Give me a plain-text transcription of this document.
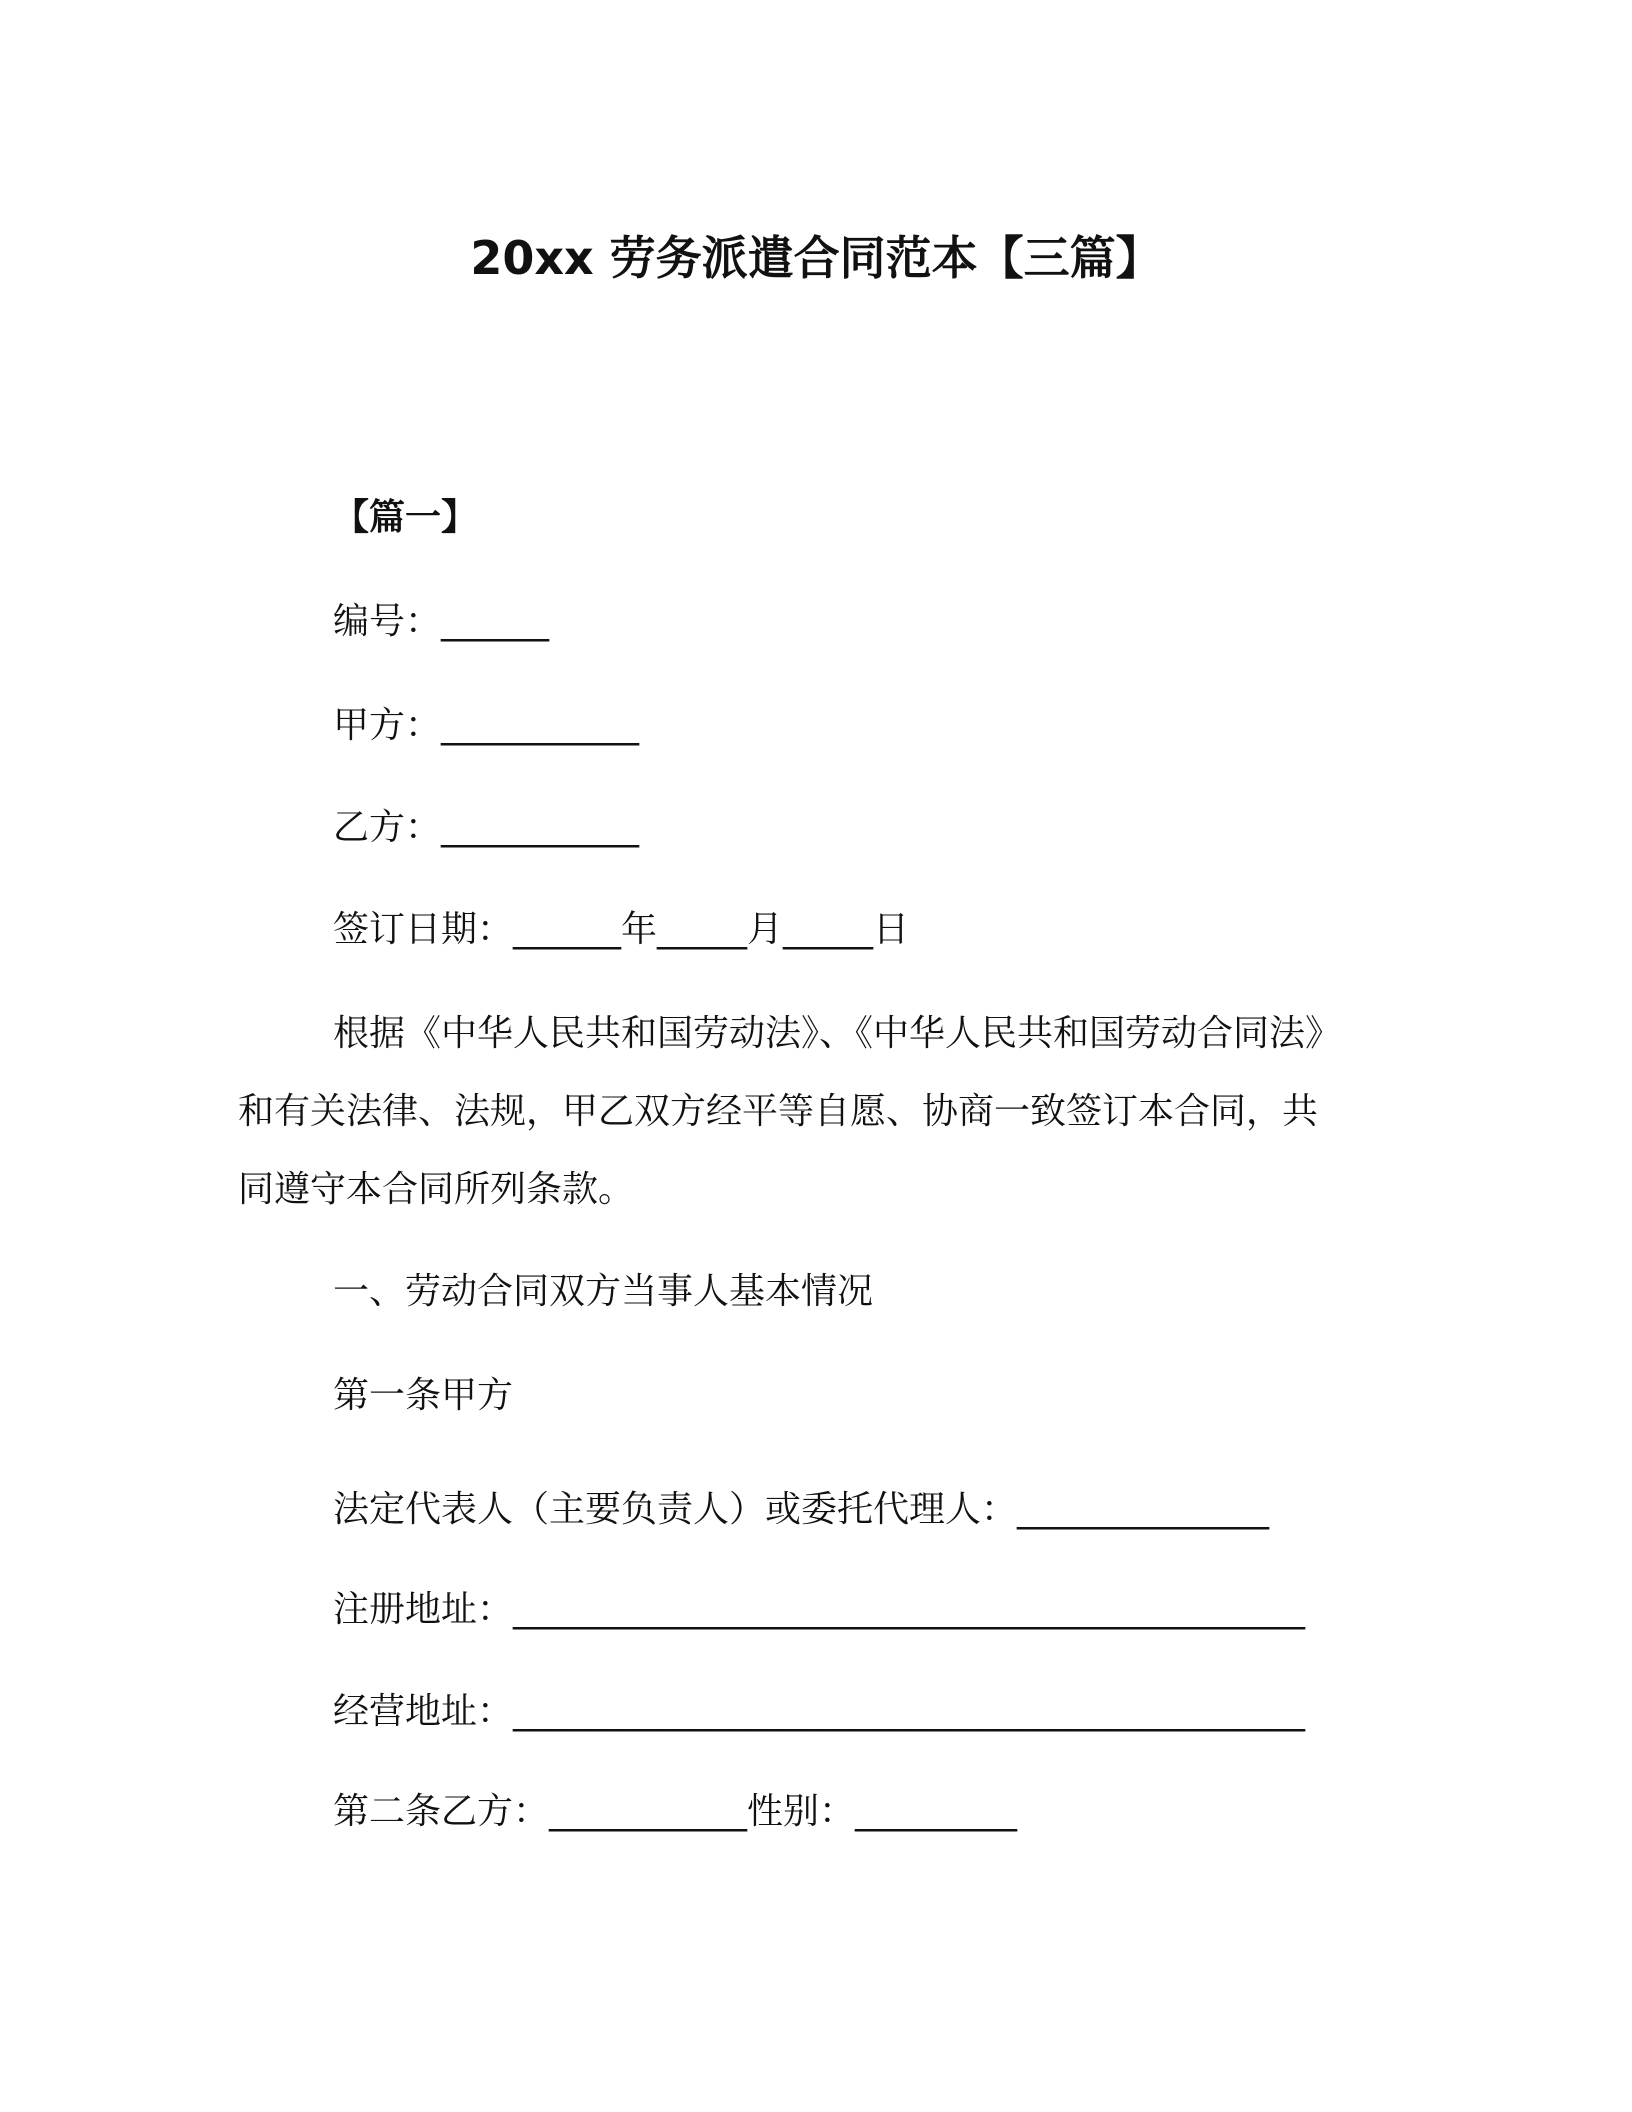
20xx 劳务派遣合同范本【三篇】
【篇一】
编号：______
甲方：___________
乙方：___________
签订日期：______年_____月_____日
根据《中华人民共和国劳动法》、《中华人民共和国劳动合同法》
和有关法律、法规，甲乙双方经平等自愿、协商一致签订本合同，共
同遵守本合同所列条款。
一、劳动合同双方当事人基本情况
第一条甲方
法定代表人（主要负责人）或委托代理人：______________
注册地址：____________________________________________
经营地址：____________________________________________
第二条乙方：___________性别：_________
